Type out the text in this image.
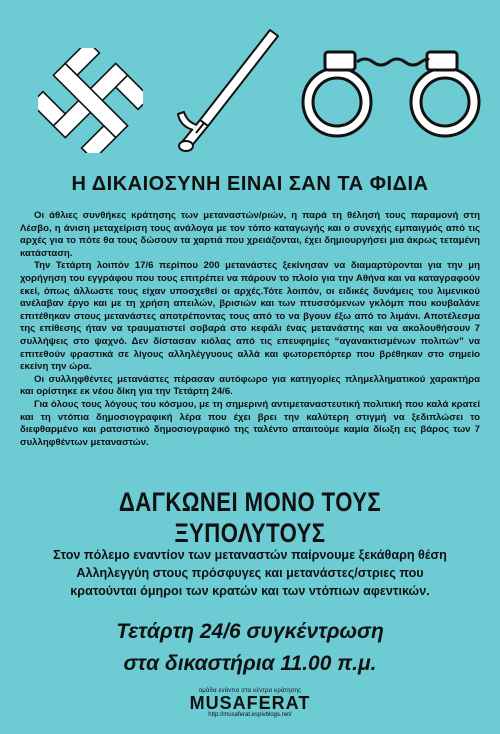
Η ΔΙΚΑΙΟΣΥΝΗ ΕΙΝΑΙ ΣΑΝ ΤΑ ΦΙΔΙΑ

Οι άθλιες συνθήκες κράτησης των μεταναστών/ριών, η παρά τη θέλησή τους παραμονή στη Λέσβο, η άνιση μεταχείριση τους ανάλογα με τον τόπο καταγωγής και ο συνεχής εμπαιγμός από τις αρχές για το πότε θα τους δώσουν τα χαρτιά που χρειάζονται, έχει δημιουργήσει μια άκρως τεταμένη κατάσταση.

Την Τετάρτη λοιπόν 17/6 περίπου 200 μετανάστες ξεκίνησαν να διαμαρτύρονται για την μη χορήγηση του εγγράφου που τους επιτρέπει να πάρουν το πλοίο για την Αθήνα και να καταγραφούν εκεί, όπως άλλωστε τους είχαν υποσχεθεί οι αρχές.Τότε λοιπόν, οι ειδικές δυνάμεις του λιμενικού ανέλαβαν έργο και με τη χρήση απειλών, βρισιών και των πτυσσόμενων γκλόμπ που κουβαλάνε επιτέθηκαν στους μετανάστες αποτρέποντας τους από το να βγουν έξω από το λιμάνι. Αποτέλεσμα της επίθεσης ήταν να τραυματιστεί σοβαρά στο κεφάλι ένας μετανάστης και να ακολουθήσουν 7 συλλήψεις στο ψαχνό. Δεν δίστασαν κιόλας από τις επευφημίες “αγανακτισμένων πολιτών” να επιτεθούν φραστικά σε λίγους αλληλέγγυους αλλά και φωτορεπόρτερ που βρέθηκαν στο σημείο εκείνη την ώρα.

Οι συλληφθέντες μετανάστες πέρασαν αυτόφωρο για κατηγορίες πλημελληματικού χαρακτήρα και ορίστηκε εκ νέου δίκη για την Τετάρτη 24/6.

Για όλους τους λόγους του κόσμου, με τη σημερινή αντιμεταναστευτική πολιτική που καλά κρατεί και τη ντόπια δημοσιογραφική λέρα που έχει βρει την καλύτερη στιγμή να ξεδιπλώσει το διεφθαρμένο και ρατσιστικό δημοσιογραφικό της ταλέντο απαιτούμε καμία δίωξη εις βάρος των 7 συλληφθέντων μεταναστών.

ΔΑΓΚΩΝΕΙ ΜΟΝΟ ΤΟΥΣ ΞΥΠΟΛΥΤΟΥΣ
Στον πόλεμο εναντίον των μεταναστών παίρνουμε ξεκάθαρη θέση
Αλληλεγγύη στους πρόσφυγες και μετανάστες/στριες που
κρατούνται όμηροι των κρατών και των ντόπιων αφεντικών.
Τετάρτη 24/6 συγκέντρωση
στα δικαστήρια 11.00 π.μ.
ομάδα ενάντια στα κέντρα κράτησης
MUSAFERAT
http://musaferat.espivblogs.net/
